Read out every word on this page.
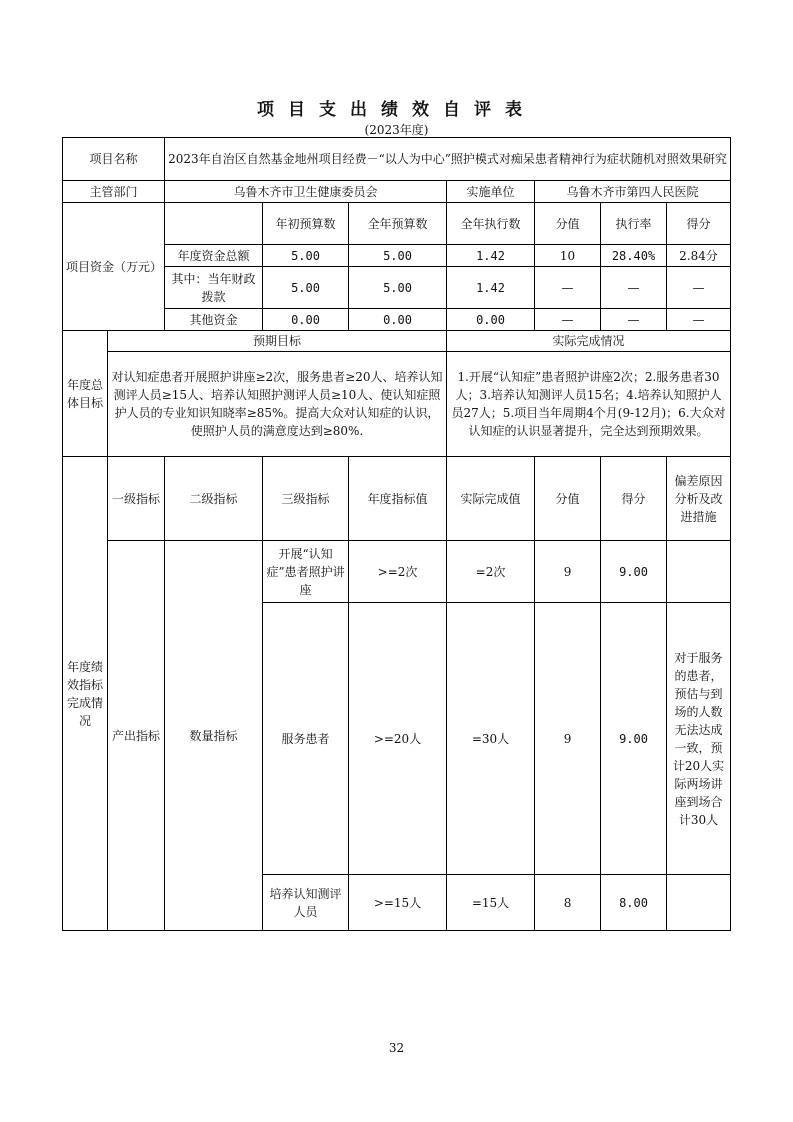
项目支出绩效自评表
(2023年度)
项目名称		2023年自治区自然基金地州项目经费－“以人为中心”照护模式对痴呆患者精神行为症状随机对照效果研究						
主管部门		乌鲁木齐市卫生健康委员会			实施单位	乌鲁木齐市第四人民医院		
项目资金（万元）			年初预算数	全年预算数	全年执行数	分值	执行率	得分
		年度资金总额	5.00	5.00	1.42	10	28.40%	2.84分
		其中：当年财政拨款	5.00	5.00	1.42	—	—	—
		其他资金	0.00	0.00	0.00	—	—	—
年度总体目标	预期目标				实际完成情况			
	对认知症患者开展照护讲座≥2次，服务患者≥20人、培养认知测评人员≥15人、培养认知照护测评人员≥10人、使认知症照护人员的专业知识知晓率≥85%。提高大众对认知症的认识，使照护人员的满意度达到≥80%.				1.开展“认知症”患者照护讲座2次；2.服务患者30人；3.培养认知测评人员15名；4.培养认知照护人员27人；5.项目当年周期4个月(9-12月)；6.大众对认知症的认识显著提升，完全达到预期效果。			
年度绩效指标完成情况	一级指标	二级指标	三级指标	年度指标值	实际完成值	分值	得分	偏差原因分析及改进措施
	产出指标	数量指标	开展“认知症”患者照护讲座	>=2次	=2次	9	9.00	
			服务患者	>=20人	=30人	9	9.00	对于服务的患者，预估与到场的人数无法达成一致，预计20人实际两场讲座到场合计30人
			培养认知测评人员	>=15人	=15人	8	8.00	
32
